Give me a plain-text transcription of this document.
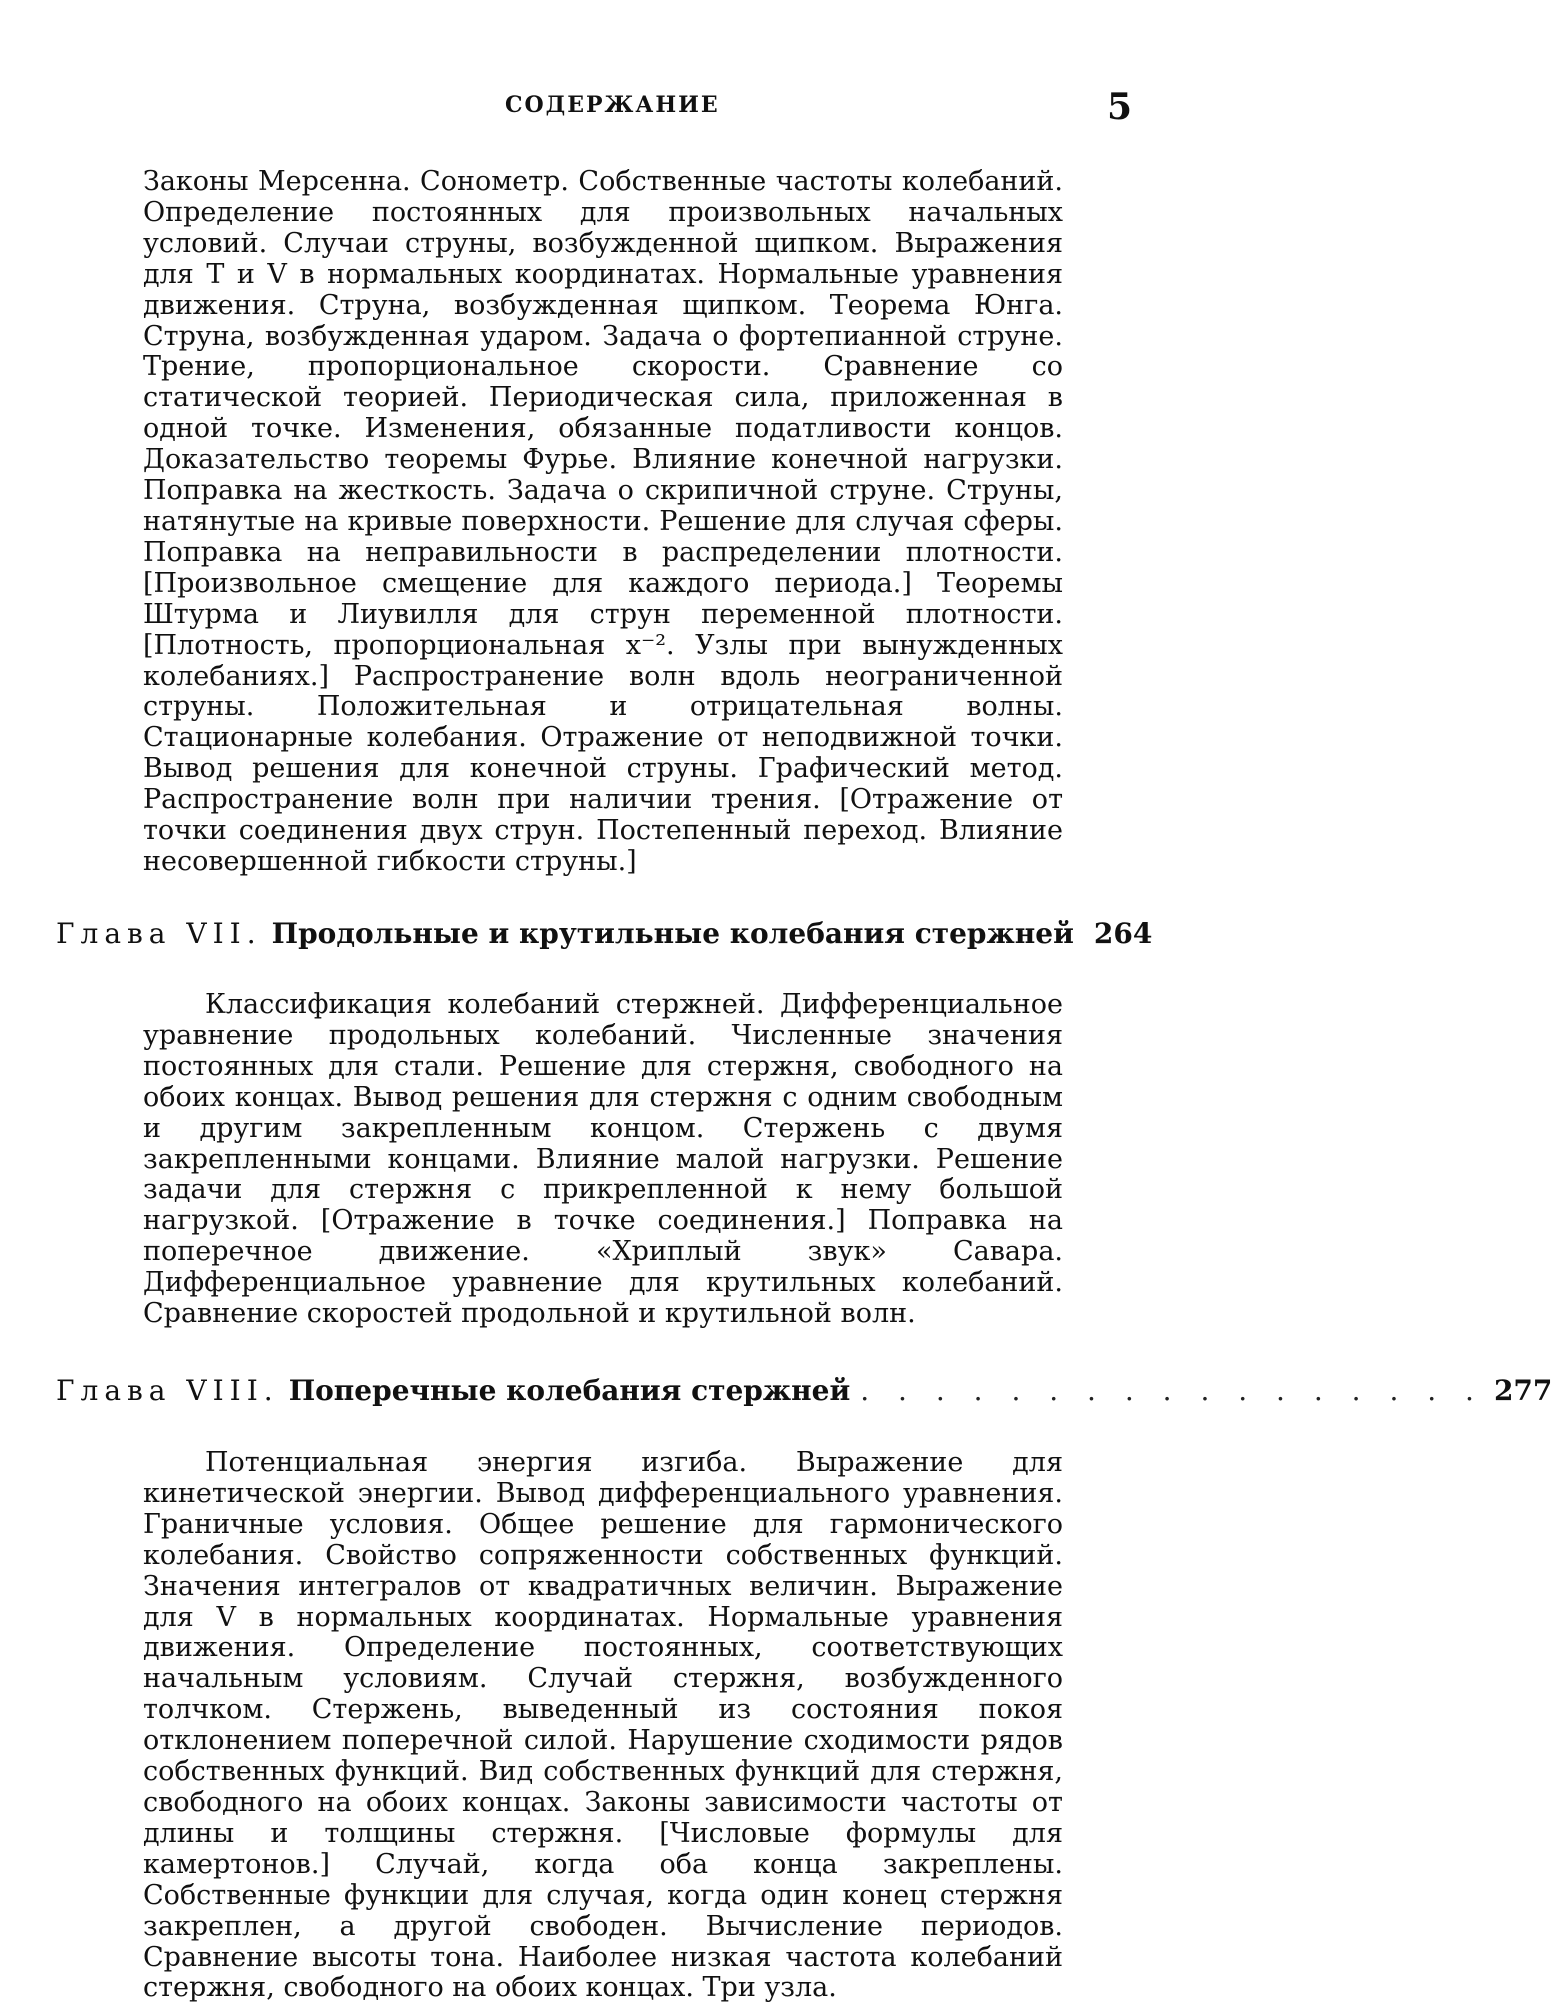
СОДЕРЖАНИЕ	5

Законы Мерсенна. Сонометр. Собственные частоты колебаний. Определение постоянных для произвольных начальных условий. Случаи струны, возбужденной щипком. Выражения для T и V в нормальных координатах. Нормальные уравнения движения. Струна, возбужденная щипком. Теорема Юнга. Струна, возбужденная ударом. Задача о фортепианной струне. Трение, пропорциональное скорости. Сравнение со статической теорией. Периодическая сила, приложенная в одной точке. Изменения, обязанные податливости концов. Доказательство теоремы Фурье. Влияние конечной нагрузки. Поправка на жесткость. Задача о скрипичной струне. Струны, натянутые на кривые поверхности. Решение для случая сферы. Поправка на неправильности в распределении плотности. [Произвольное смещение для каждого периода.] Теоремы Штурма и Лиувилля для струн переменной плотности. [Плотность, пропорциональная x⁻². Узлы при вынужденных колебаниях.] Распространение волн вдоль неограниченной струны. Положительная и отрицательная волны. Стационарные колебания. Отражение от неподвижной точки. Вывод решения для конечной струны. Графический метод. Распространение волн при наличии трения. [Отражение от точки соединения двух струн. Постепенный переход. Влияние несовершенной гибкости струны.]

Глава VII. Продольные и крутильные колебания стержней 264

Классификация колебаний стержней. Дифференциальное уравнение продольных колебаний. Численные значения постоянных для стали. Решение для стержня, свободного на обоих концах. Вывод решения для стержня с одним свободным и другим закрепленным концом. Стержень с двумя закрепленными концами. Влияние малой нагрузки. Решение задачи для стержня с прикрепленной к нему большой нагрузкой. [Отражение в точке соединения.] Поправка на поперечное движение. «Хриплый звук» Савара. Дифференциальное уравнение для крутильных колебаний. Сравнение скоростей продольной и крутильной волн.

Глава VIII. Поперечные колебания стержней . . . . . . . . . . . . . . . . . 277

Потенциальная энергия изгиба. Выражение для кинетической энергии. Вывод дифференциального уравнения. Граничные условия. Общее решение для гармонического колебания. Свойство сопряженности собственных функций. Значения интегралов от квадратичных величин. Выражение для V в нормальных координатах. Нормальные уравнения движения. Определение постоянных, соответствующих начальным условиям. Случай стержня, возбужденного толчком. Стержень, выведенный из состояния покоя отклонением поперечной силой. Нарушение сходимости рядов собственных функций. Вид собственных функций для стержня, свободного на обоих концах. Законы зависимости частоты от длины и толщины стержня. [Числовые формулы для камертонов.] Случай, когда оба конца закреплены. Собственные функции для случая, когда один конец стержня закреплен, а другой свободен. Вычисление периодов. Сравнение высоты тона. Наиболее низкая частота колебаний стержня, свободного на обоих концах. Три узла.
